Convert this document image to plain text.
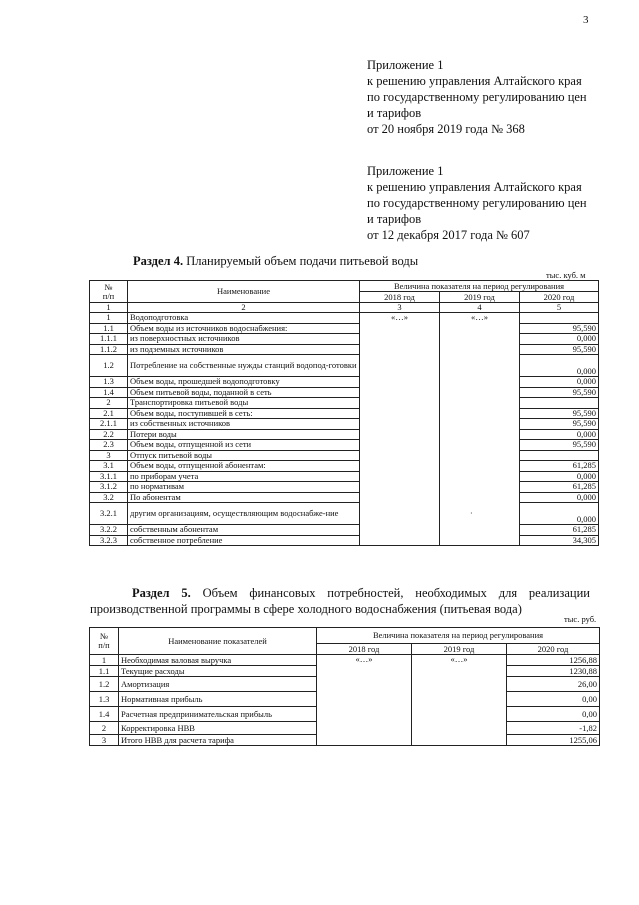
3
Приложение 1
к решению управления Алтайского края
по государственному регулированию цен
и тарифов
от 20 ноября 2019 года № 368
Приложение 1
к решению управления Алтайского края
по государственному регулированию цен
и тарифов
от 12 декабря 2017 года № 607
Раздел 4. Планируемый объем подачи питьевой воды
тыс. куб. м
№
п/п	Наименование	Величина показателя на период регулирования		
		2018 год	2019 год	2020 год
1	2	3	4	5
1	Водоподготовка	«…»	«…»	
1.1	Объем воды из источников водоснабжения:			95,590
1.1.1	из поверхностных источников			0,000
1.1.2	из подземных источников			95,590
1.2	Потребление на собственные нужды станций водопод-готовки			0,000
1.3	Объем воды, прошедшей водоподготовку			0,000
1.4	Объем питьевой воды, поданной в сеть			95,590
2	Транспортировка питьевой воды			
2.1	Объем воды, поступившей в сеть:			95,590
2.1.1	из собственных источников			95,590
2.2	Потери воды			0,000
2.3	Объем воды, отпущенной из сети			95,590
3	Отпуск питьевой воды			
3.1	Объем воды, отпущенной абонентам:			61,285
3.1.1	по приборам учета			0,000
3.1.2	по нормативам			61,285
3.2	По абонентам			0,000
3.2.1	другим организациям, осуществляющим водоснабже-ние			0,000
3.2.2	собственным абонентам			61,285
3.2.3	собственное потребление			34,305
·
Раздел 5. Объем финансовых потребностей, необходимых для реализации производственной программы в сфере холодного водоснабжения (питьевая вода)
тыс. руб.
№
п/п	Наименование показателей	Величина показателя на период регулирования		
		2018 год	2019 год	2020 год
1	Необходимая валовая выручка	«…»	«…»	1256,88
1.1	Текущие расходы			1230,88
1.2	Амортизация			26,00
1.3	Нормативная прибыль			0,00
1.4	Расчетная предпринимательская прибыль			0,00
2	Корректировка НВВ			-1,82
3	Итого НВВ для расчета тарифа			1255,06
